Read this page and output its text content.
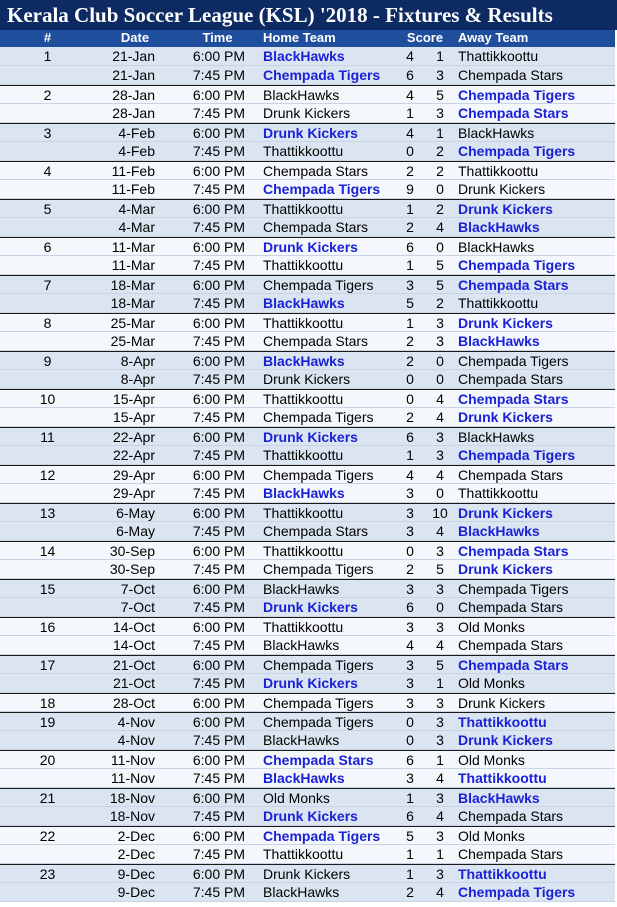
Kerala Club Soccer League (KSL) '2018 - Fixtures & Results
#	Date	Time	Home Team	Score	Away Team
1	21-Jan	6:00 PM BlackHawks	4	1	Thattikkoottu
21-Jan	7:45 PM Chempada Tigers	6	3	Chempada Stars
2	28-Jan	6:00 PM BlackHawks	4	5	Chempada Tigers
28-Jan	7:45 PM Drunk Kickers	1	3	Chempada Stars
3	4-Feb	6:00 PM Drunk Kickers	4	1	BlackHawks
4-Feb	7:45 PM Thattikkoottu	0	2	Chempada Tigers
4	11-Feb	6:00 PM Chempada Stars	2	2	Thattikkoottu
11-Feb	7:45 PM Chempada Tigers	9	0	Drunk Kickers
5	4-Mar	6:00 PM Thattikkoottu	1	2	Drunk Kickers
4-Mar	7:45 PM Chempada Stars	2	4	BlackHawks
6	11-Mar	6:00 PM Drunk Kickers	6	0	BlackHawks
11-Mar	7:45 PM Thattikkoottu	1	5	Chempada Tigers
7	18-Mar	6:00 PM Chempada Tigers	3	5	Chempada Stars
18-Mar	7:45 PM BlackHawks	5	2	Thattikkoottu
8	25-Mar	6:00 PM Thattikkoottu	1	3	Drunk Kickers
25-Mar	7:45 PM Chempada Stars	2	3	BlackHawks
9	8-Apr	6:00 PM BlackHawks	2	0	Chempada Tigers
8-Apr	7:45 PM Drunk Kickers	0	0	Chempada Stars
10	15-Apr	6:00 PM Thattikkoottu	0	4	Chempada Stars
15-Apr	7:45 PM Chempada Tigers	2	4	Drunk Kickers
11	22-Apr	6:00 PM Drunk Kickers	6	3	BlackHawks
22-Apr	7:45 PM Thattikkoottu	1	3	Chempada Tigers
12	29-Apr	6:00 PM Chempada Tigers	4	4	Chempada Stars
29-Apr	7:45 PM BlackHawks	3	0	Thattikkoottu
13	6-May	6:00 PM Thattikkoottu	3	10 Drunk Kickers
6-May	7:45 PM Chempada Stars	3	4	BlackHawks
14	30-Sep	6:00 PM Thattikkoottu	0	3	Chempada Stars
30-Sep	7:45 PM Chempada Tigers	2	5	Drunk Kickers
15	7-Oct	6:00 PM BlackHawks	3	3	Chempada Tigers
7-Oct	7:45 PM Drunk Kickers	6	0	Chempada Stars
16	14-Oct	6:00 PM Thattikkoottu	3	3	Old Monks
14-Oct	7:45 PM BlackHawks	4	4	Chempada Stars
17	21-Oct	6:00 PM Chempada Tigers	3	5	Chempada Stars
21-Oct	7:45 PM Drunk Kickers	3	1	Old Monks
18	28-Oct	6:00 PM Chempada Tigers	3	3	Drunk Kickers
19	4-Nov	6:00 PM Chempada Tigers	0	3	Thattikkoottu
4-Nov	7:45 PM BlackHawks	0	3	Drunk Kickers
20	11-Nov	6:00 PM Chempada Stars	6	1	Old Monks
11-Nov	7:45 PM BlackHawks	3	4	Thattikkoottu
21	18-Nov	6:00 PM Old Monks	1	3	BlackHawks
18-Nov	7:45 PM Drunk Kickers	6	4	Chempada Stars
22	2-Dec	6:00 PM Chempada Tigers	5	3	Old Monks
2-Dec	7:45 PM Thattikkoottu	1	1	Chempada Stars
23	9-Dec	6:00 PM Drunk Kickers	1	3	Thattikkoottu
9-Dec	7:45 PM BlackHawks	2	4	Chempada Tigers
